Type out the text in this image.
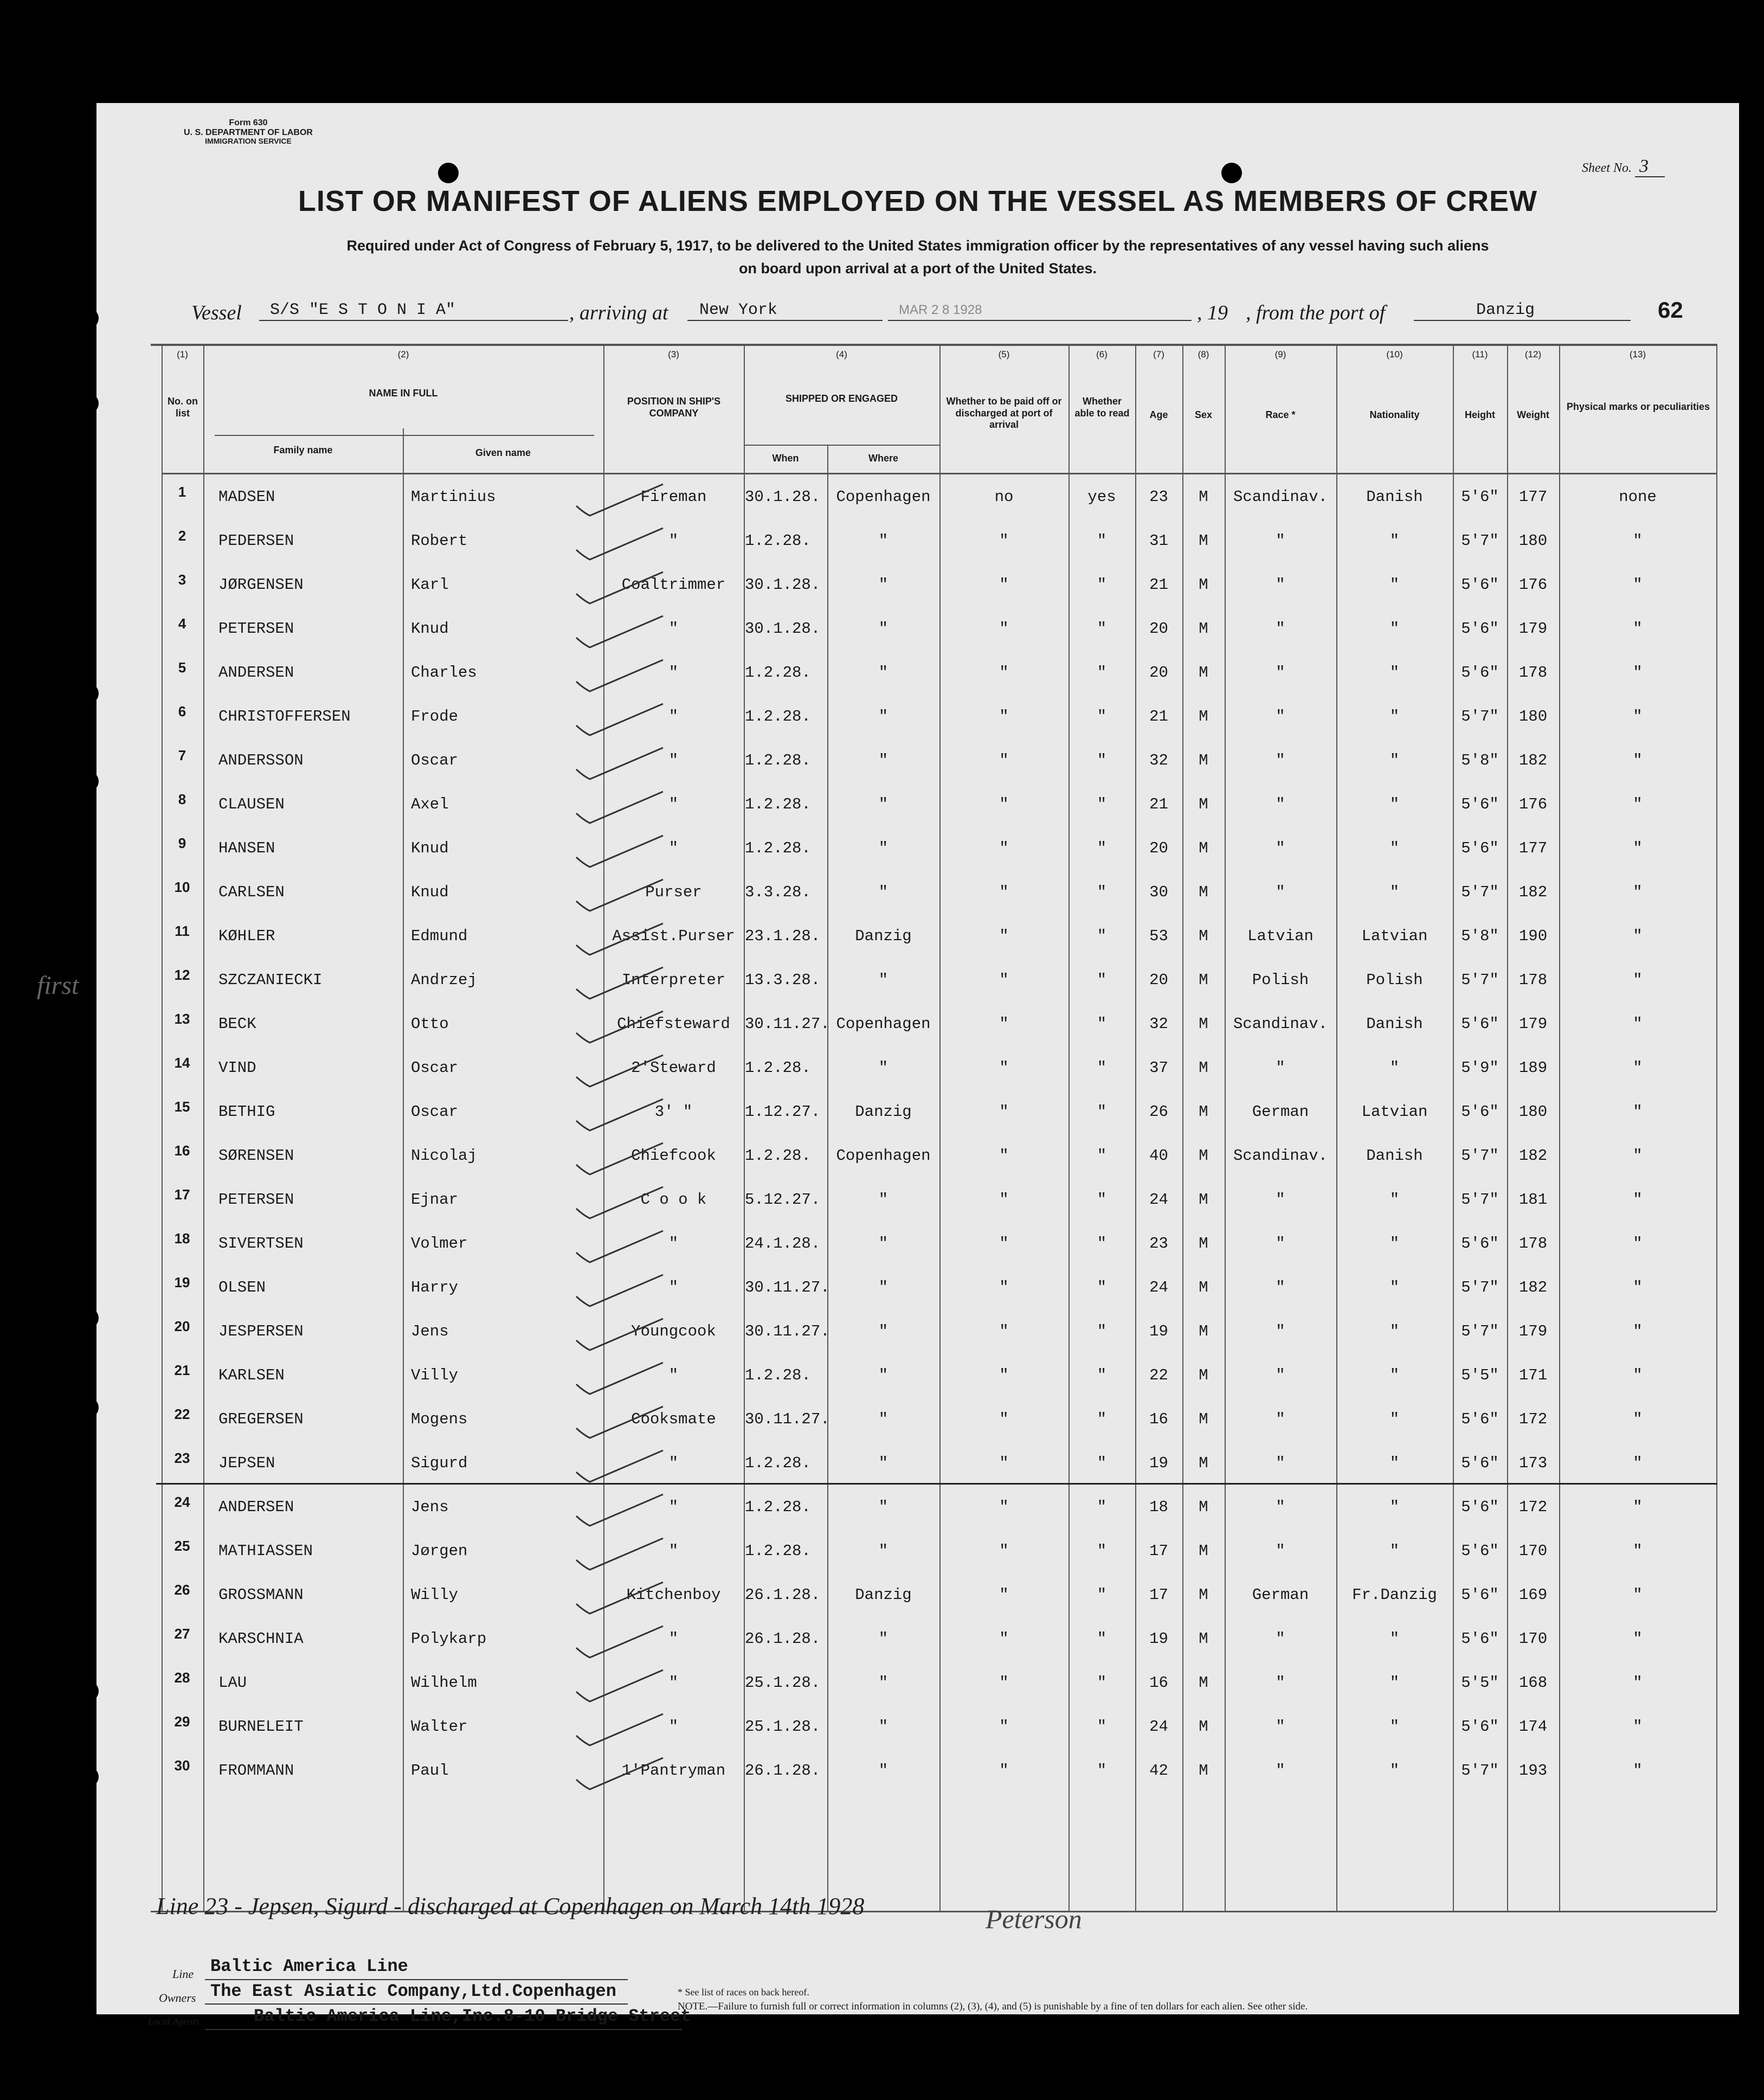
Form 630
U. S. DEPARTMENT OF LABOR
IMMIGRATION SERVICE
Sheet No. 3
LIST OR MANIFEST OF ALIENS EMPLOYED ON THE VESSEL AS MEMBERS OF CREW
Required under Act of Congress of February 5, 1917, to be delivered to the United States immigration officer by the representatives of any vessel having such aliens
on board upon arrival at a port of the United States.
Vessel S/S "E S T O N I A"	, arriving at New York	MAR 2 8 1928	, 19 , from the port of	Danzig	62
(1)	(2)	(3)	(4)	(5)	(6)	(7)	(8)	(9)	(10)	(11)	(12)	(13)
No. on list
NAME IN FULL
Family name	Given name
POSITION IN SHIP'S COMPANY
SHIPPED OR ENGAGED
When	Where
Whether to be paid off or discharged at port of arrival
Whether able to read	Age	Sex	Race *	Nationality	Height	Weight
Physical marks or peculiarities
1	MADSEN	Martinius	Fireman	30.1.28.	Copenhagen	no	yes	23	M	Scandinav.	Danish	5'6"	177	none
2	PEDERSEN	Robert	"	1.2.28.	"	"	"	31	M	"	"	5'7"	180	"
3	JØRGENSEN	Karl	Coaltrimmer	30.1.28.	"	"	"	21	M	"	"	5'6"	176	"
4	PETERSEN	Knud	"	30.1.28.	"	"	"	20	M	"	"	5'6"	179	"
5	ANDERSEN	Charles	"	1.2.28.	"	"	"	20	M	"	"	5'6"	178	"
6	CHRISTOFFERSEN	Frode	"	1.2.28.	"	"	"	21	M	"	"	5'7"	180	"
7	ANDERSSON	Oscar	"	1.2.28.	"	"	"	32	M	"	"	5'8"	182	"
8	CLAUSEN	Axel	"	1.2.28.	"	"	"	21	M	"	"	5'6"	176	"
9	HANSEN	Knud	"	1.2.28.	"	"	"	20	M	"	"	5'6"	177	"
10	CARLSEN	Knud	Purser	3.3.28.	"	"	"	30	M	"	"	5'7"	182	"
11	KØHLER	Edmund	Assist.Purser 23.1.28.	Danzig	"	"	53	M	Latvian	Latvian	5'8"	190	"
12	SZCZANIECKI	Andrzej	Interpreter	13.3.28.	"	"	"	20	M	Polish	Polish	5'7"	178	"
13	BECK	Otto	Chiefsteward 30.11.27. Copenhagen	"	"	32	M	Scandinav.	Danish	5'6"	179	"
14	VIND	Oscar	2'Steward	1.2.28.	"	"	"	37	M	"	"	5'9"	189	"
15	BETHIG	Oscar	3' "	1.12.27.	Danzig	"	"	26	M	German	Latvian	5'6"	180	"
16	SØRENSEN	Nicolaj	Chiefcook	1.2.28.	Copenhagen	"	"	40	M	Scandinav.	Danish	5'7"	182	"
17	PETERSEN	Ejnar	C o o k	5.12.27.	"	"	"	24	M	"	"	5'7"	181	"
18	SIVERTSEN	Volmer	"	24.1.28.	"	"	"	23	M	"	"	5'6"	178	"
19	OLSEN	Harry	"	30.11.27.	"	"	"	24	M	"	"	5'7"	182	"
20	JESPERSEN	Jens	Youngcook	30.11.27.	"	"	"	19	M	"	"	5'7"	179	"
21	KARLSEN	Villy	"	1.2.28.	"	"	"	22	M	"	"	5'5"	171	"
22	GREGERSEN	Mogens	Cooksmate	30.11.27.	"	"	"	16	M	"	"	5'6"	172	"
23	JEPSEN	Sigurd	"	1.2.28.	"	"	"	19	M	"	"	5'6"	173	"
24	ANDERSEN	Jens	"	1.2.28.	"	"	"	18	M	"	"	5'6"	172	"
25	MATHIASSEN	Jørgen	"	1.2.28.	"	"	"	17	M	"	"	5'6"	170	"
26	GROSSMANN	Willy	Kitchenboy	26.1.28.	Danzig	"	"	17	M	German	Fr.Danzig	5'6"	169	"
27	KARSCHNIA	Polykarp	"	26.1.28.	"	"	"	19	M	"	"	5'6"	170	"
28	LAU	Wilhelm	"	25.1.28.	"	"	"	16	M	"	"	5'5"	168	"
29	BURNELEIT	Walter	"	25.1.28.	"	"	"	24	M	"	"	5'6"	174	"
30	FROMMANN	Paul	1'Pantryman	26.1.28.	"	"	"	42	M	"	"	5'7"	193	"
first
Line 23 - Jepsen, Sigurd - discharged at Copenhagen on March 14th 1928	Peterson
Line Baltic America Line
Owners The East Asiatic Company,Ltd.Copenhagen
Local Agents	Baltic America Line,Inc.8-10 Bridge Street
* See list of races on back hereof.
NOTE.—Failure to furnish full or correct information in columns (2), (3), (4), and (5) is punishable by a fine of ten dollars for each alien. See other side.
